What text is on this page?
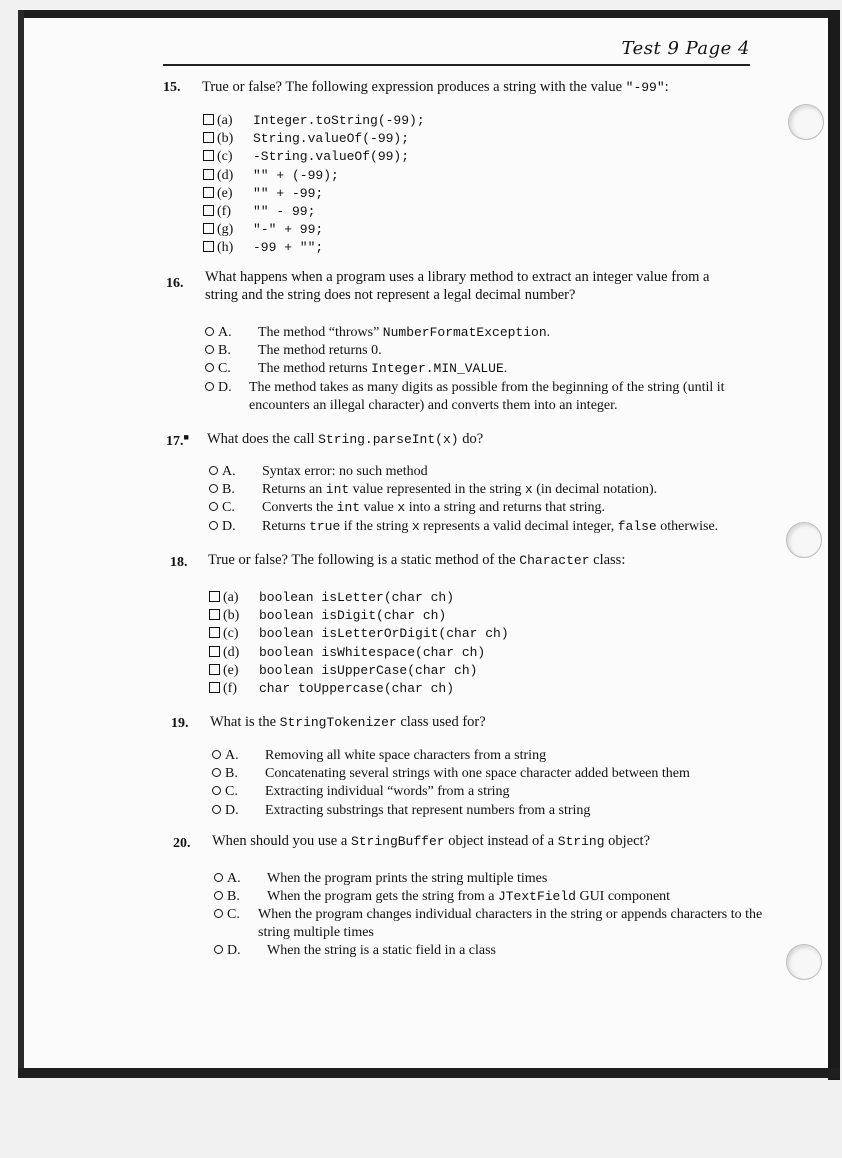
Test 9 Page 4
15. True or false? The following expression produces a string with the value "-99":
(a) Integer.toString(-99);
(b) String.valueOf(-99);
(c) -String.valueOf(99);
(d) "" + (-99);
(e) "" + -99;
(f) "" - 99;
(g) "-" + 99;
(h) -99 + "";
16. What happens when a program uses a library method to extract an integer value from a string and the string does not represent a legal decimal number?
A. The method “throws” NumberFormatException.
B. The method returns 0.
C. The method returns Integer.MIN_VALUE.
D. The method takes as many digits as possible from the beginning of the string (until it encounters an illegal character) and converts them into an integer.
17.■ What does the call String.parseInt(x) do?
A. Syntax error: no such method
B. Returns an int value represented in the string x (in decimal notation).
C. Converts the int value x into a string and returns that string.
D. Returns true if the string x represents a valid decimal integer, false otherwise.
18. True or false? The following is a static method of the Character class:
(a) boolean isLetter(char ch)
(b) boolean isDigit(char ch)
(c) boolean isLetterOrDigit(char ch)
(d) boolean isWhitespace(char ch)
(e) boolean isUpperCase(char ch)
(f) char toUppercase(char ch)
19. What is the StringTokenizer class used for?
A. Removing all white space characters from a string
B. Concatenating several strings with one space character added between them
C. Extracting individual “words” from a string
D. Extracting substrings that represent numbers from a string
20. When should you use a StringBuffer object instead of a String object?
A. When the program prints the string multiple times
B. When the program gets the string from a JTextField GUI component
C. When the program changes individual characters in the string or appends characters to the string multiple times
D. When the string is a static field in a class
